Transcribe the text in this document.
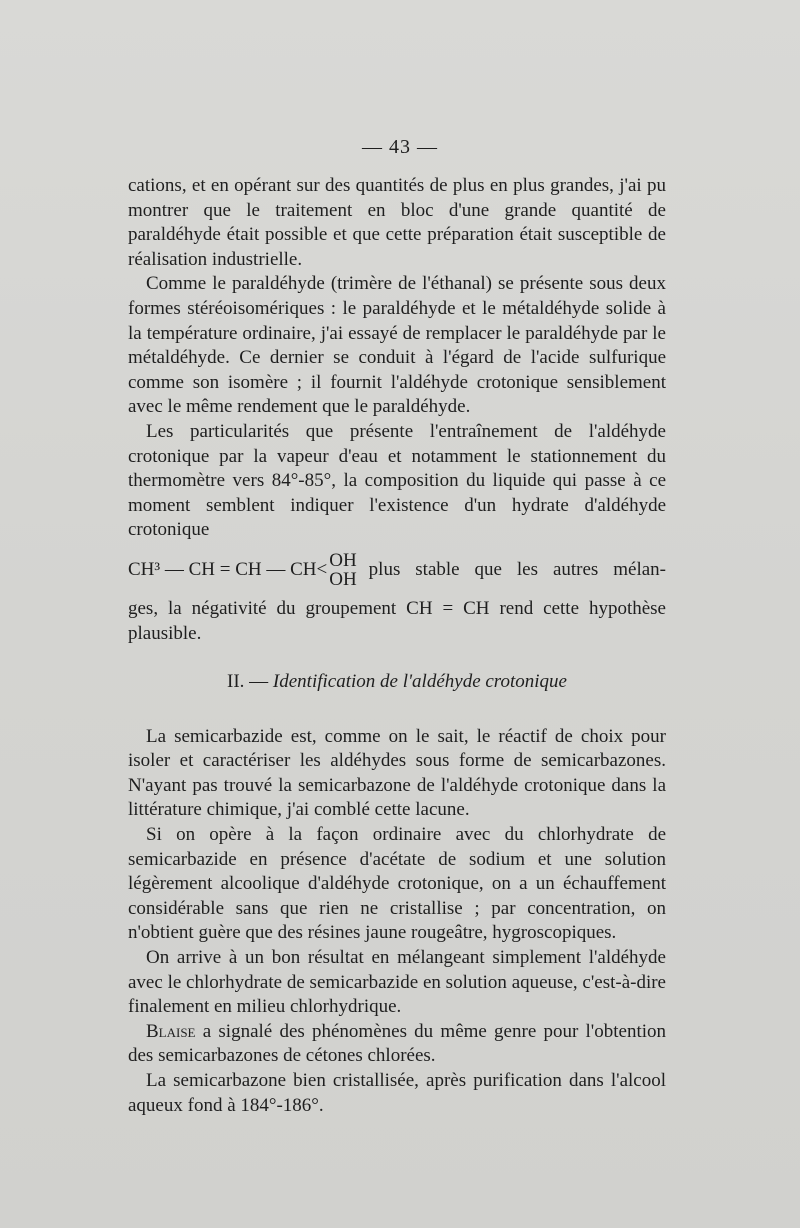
— 43 —

cations, et en opérant sur des quantités de plus en plus grandes, j'ai pu montrer que le traitement en bloc d'une grande quantité de paraldéhyde était possible et que cette préparation était susceptible de réalisation industrielle.

Comme le paraldéhyde (trimère de l'éthanal) se présente sous deux formes stéréoisomériques : le paraldéhyde et le métaldéhyde solide à la température ordinaire, j'ai essayé de remplacer le paraldéhyde par le métaldéhyde. Ce dernier se conduit à l'égard de l'acide sulfurique comme son isomère ; il fournit l'aldéhyde crotonique sensiblement avec le même rendement que le paraldéhyde.

Les particularités que présente l'entraînement de l'aldéhyde crotonique par la vapeur d'eau et notamment le stationnement du thermomètre vers 84°-85°, la composition du liquide qui passe à ce moment semblent indiquer l'existence d'un hydrate d'aldéhyde crotonique

CH³ — CH = CH — CH < OH
OH plus stable que les autres mélan-

ges, la négativité du groupement CH = CH rend cette hypothèse plausible.

II. — Identification de l'aldéhyde crotonique

La semicarbazide est, comme on le sait, le réactif de choix pour isoler et caractériser les aldéhydes sous forme de semicarbazones. N'ayant pas trouvé la semicarbazone de l'aldéhyde crotonique dans la littérature chimique, j'ai comblé cette lacune.

Si on opère à la façon ordinaire avec du chlorhydrate de semicarbazide en présence d'acétate de sodium et une solution légèrement alcoolique d'aldéhyde crotonique, on a un échauffement considérable sans que rien ne cristallise ; par concentration, on n'obtient guère que des résines jaune rougeâtre, hygroscopiques.

On arrive à un bon résultat en mélangeant simplement l'aldéhyde avec le chlorhydrate de semicarbazide en solution aqueuse, c'est-à-dire finalement en milieu chlorhydrique.

Blaise a signalé des phénomènes du même genre pour l'obtention des semicarbazones de cétones chlorées.

La semicarbazone bien cristallisée, après purification dans l'alcool aqueux fond à 184°-186°.
